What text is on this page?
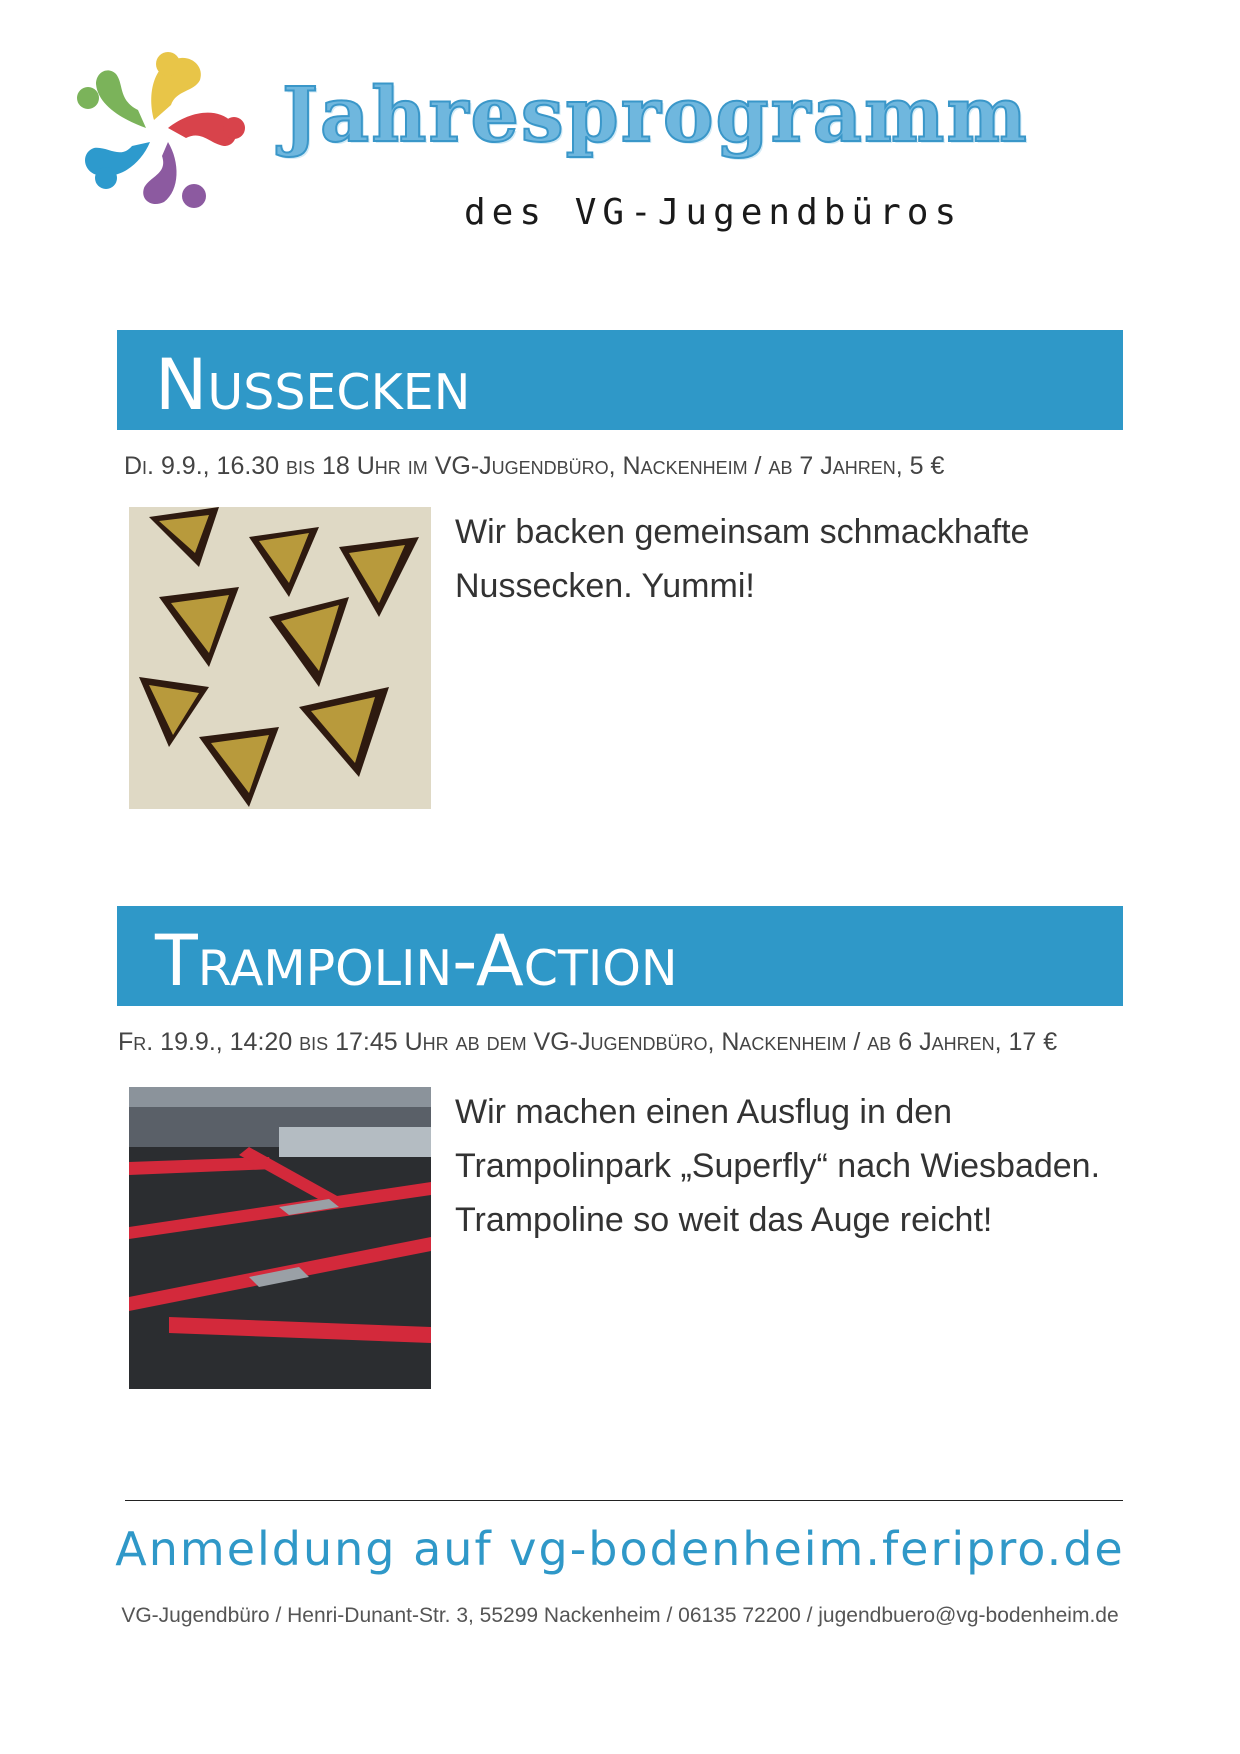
Jahresprogramm
des VG-Jugendbüros
Nussecken
Di. 9.9., 16.30 bis 18 Uhr im VG-Jugendbüro, Nackenheim / ab 7 Jahren, 5 €
Wir backen gemeinsam schmackhafte
Nussecken. Yummi!
Trampolin-Action
Fr. 19.9., 14:20 bis 17:45 Uhr ab dem VG-Jugendbüro, Nackenheim / ab 6 Jahren, 17 €
Wir machen einen Ausflug in den
Trampolinpark „Superfly“ nach Wiesbaden.
Trampoline so weit das Auge reicht!
Anmeldung auf vg-bodenheim.feripro.de
VG-Jugendbüro / Henri-Dunant-Str. 3, 55299 Nackenheim / 06135 72200 / jugendbuero@vg-bodenheim.de
